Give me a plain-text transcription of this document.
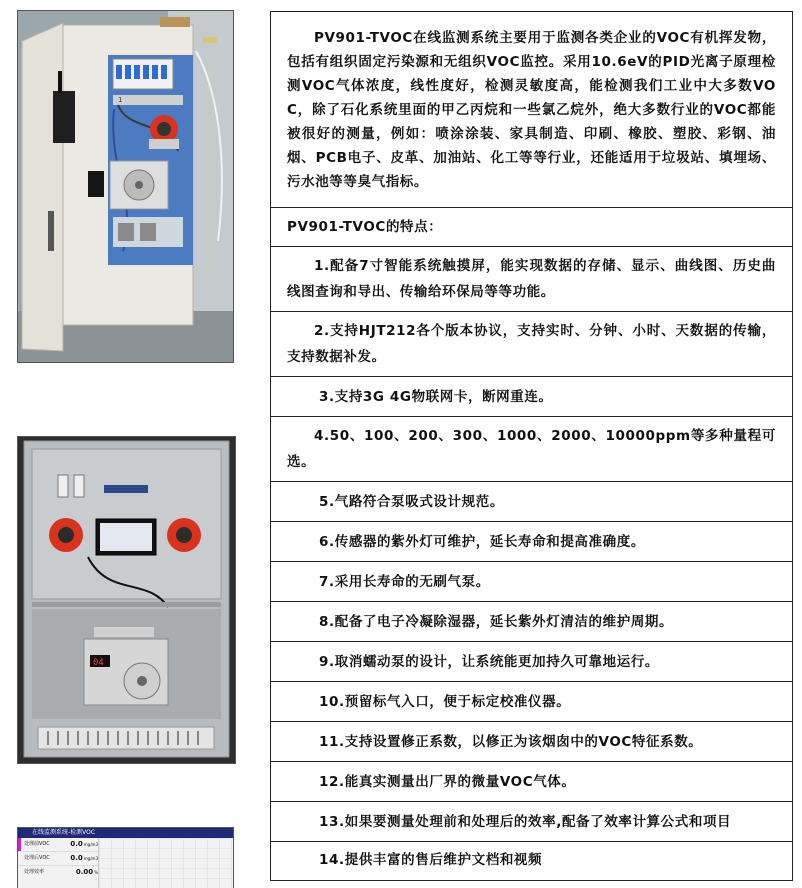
1
04
在线监测系统-检测VOC
处理前VOC	0.0 mg/m3
处理后VOC	0.0 mg/m3
处理效率	0.00 %
PV901-TVOC在线监测系统主要用于监测各类企业的VOC有机挥发物，包括有组织固定污染源和无组织VOC监控。采用10.6eV的PID光离子原理检测VOC气体浓度，线性度好，检测灵敏度高，能检测我们工业中大多数VOC，除了石化系统里面的甲乙丙烷和一些氯乙烷外，绝大多数行业的VOC都能被很好的测量，例如：喷涂涂装、家具制造、印刷、橡胶、塑胶、彩钢、油烟、PCB电子、皮革、加油站、化工等等行业，还能适用于垃圾站、填埋场、污水池等等臭气指标。
PV901-TVOC的特点：
1.配备7寸智能系统触摸屏，能实现数据的存储、显示、曲线图、历史曲线图查询和导出、传输给环保局等等功能。
2.支持HJT212各个版本协议，支持实时、分钟、小时、天数据的传输，支持数据补发。
3.支持3G 4G物联网卡，断网重连。
4.50、100、200、300、1000、2000、10000ppm等多种量程可选。
5.气路符合泵吸式设计规范。
6.传感器的紫外灯可维护，延长寿命和提高准确度。
7.采用长寿命的无刷气泵。
8.配备了电子冷凝除湿器，延长紫外灯清洁的维护周期。
9.取消蠕动泵的设计，让系统能更加持久可靠地运行。
10.预留标气入口，便于标定校准仪器。
11.支持设置修正系数，以修正为该烟囱中的VOC特征系数。
12.能真实测量出厂界的微量VOC气体。
13.如果要测量处理前和处理后的效率,配备了效率计算公式和项目
14.提供丰富的售后维护文档和视频
